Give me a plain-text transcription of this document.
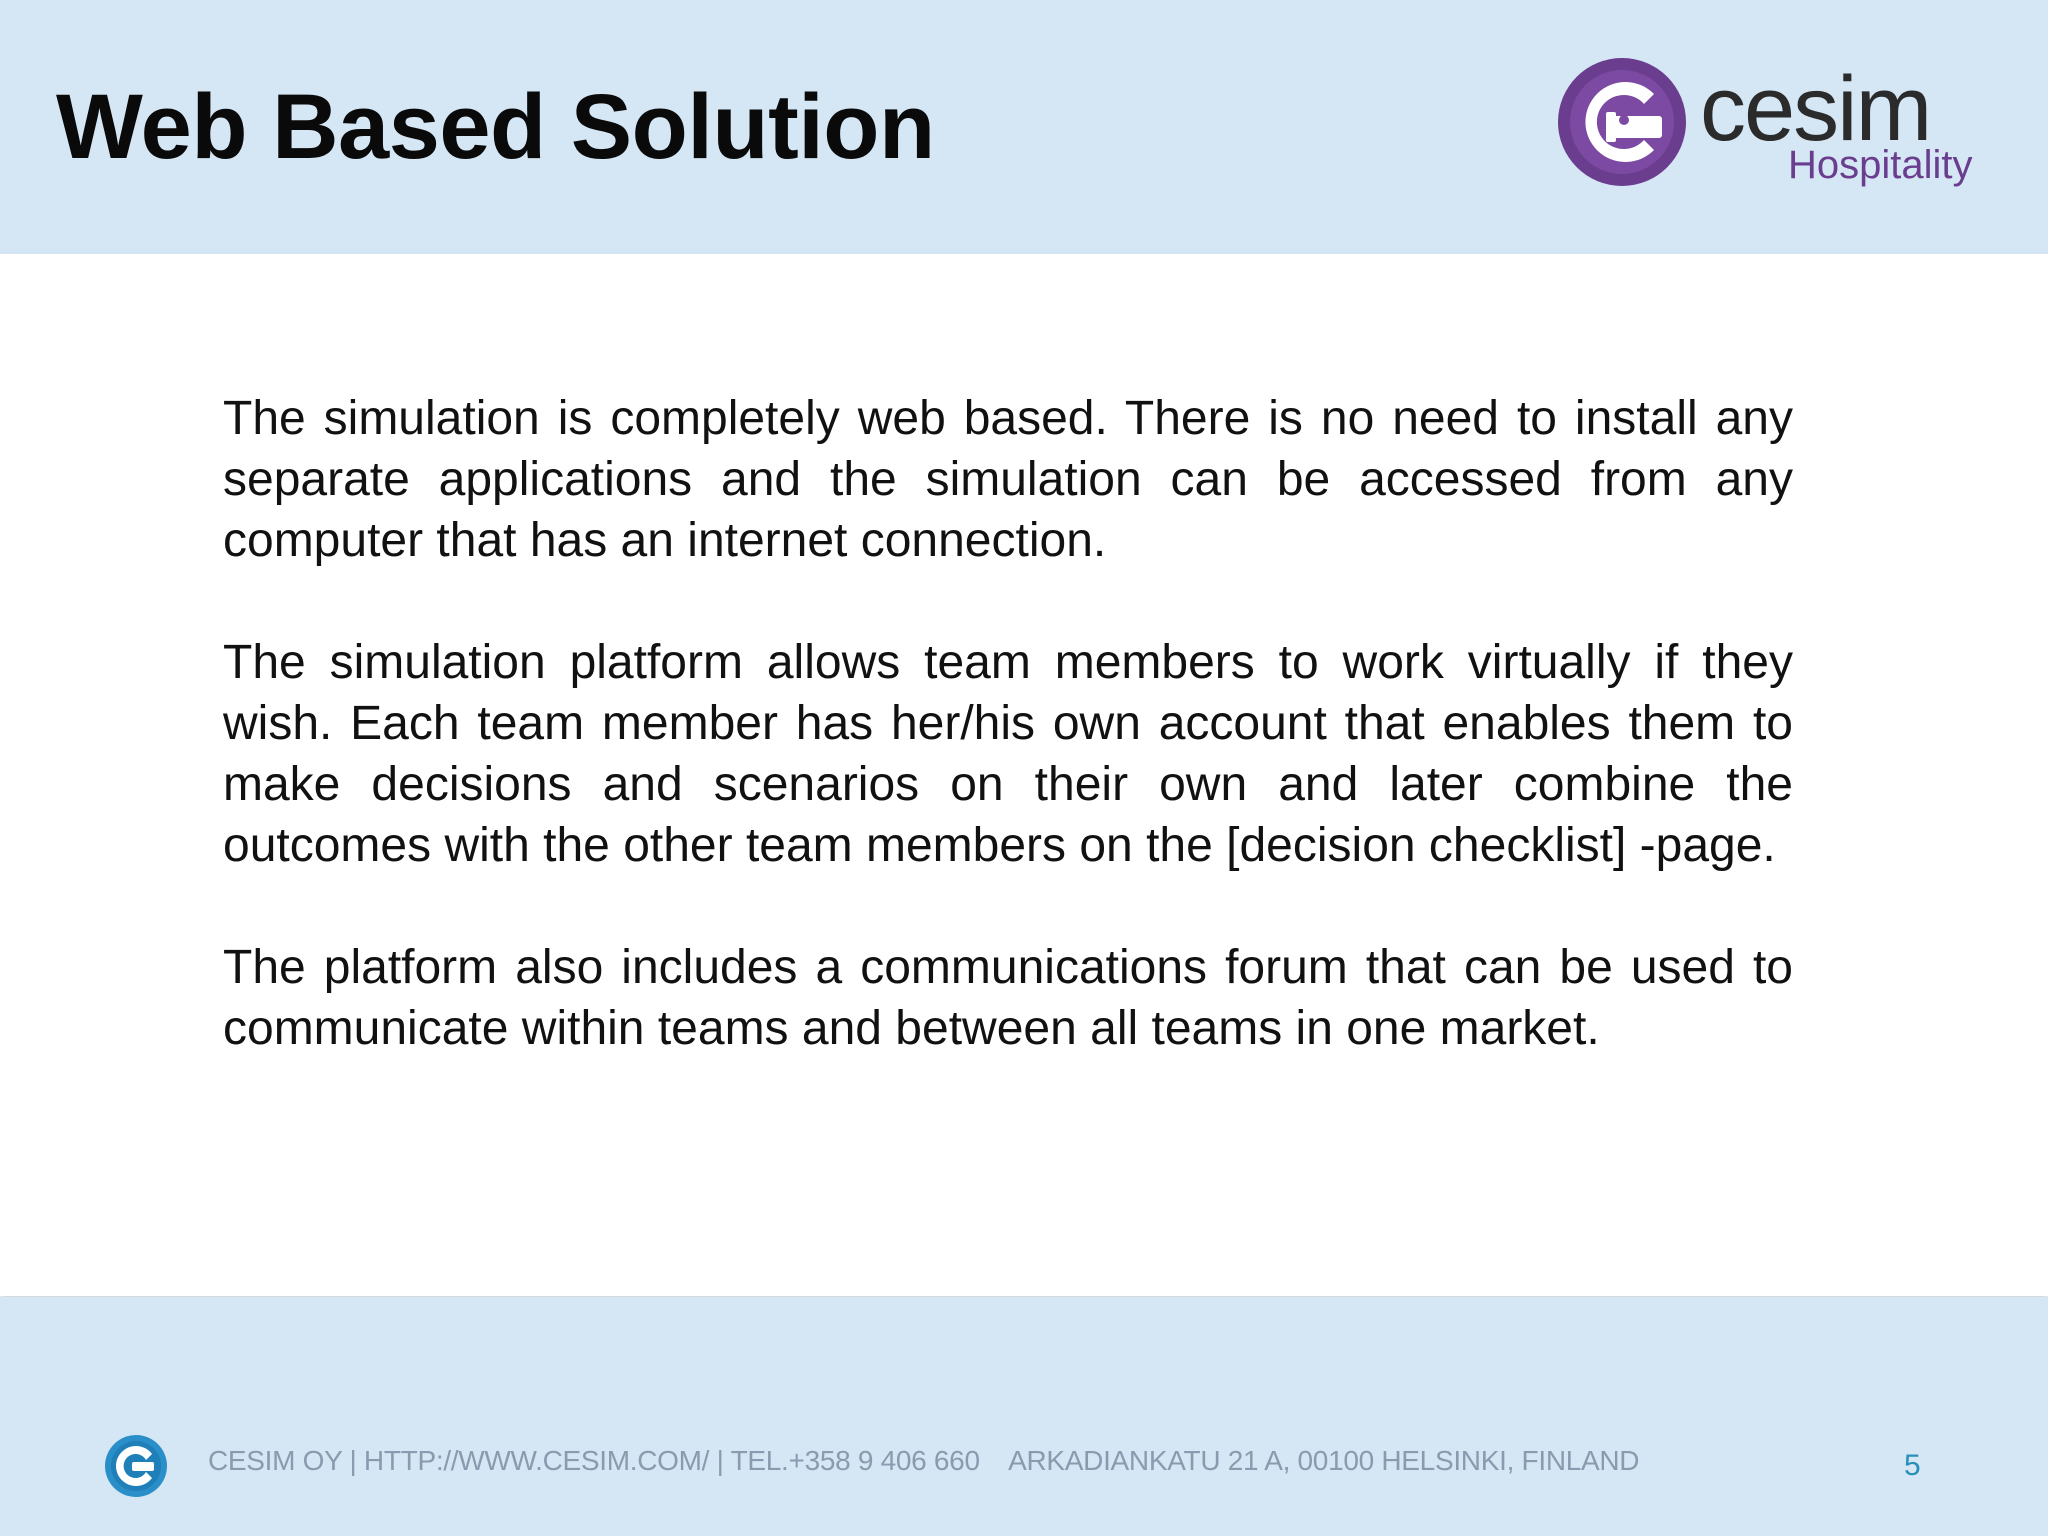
Web Based Solution	cesim
Hospitality

The simulation is completely web based. There is no need to install any separate applications and the simulation can be accessed from any computer that has an internet connection.

The simulation platform allows team members to work virtually if they wish. Each team member has her/his own account that enables them to make decisions and scenarios on their own and later combine the outcomes with the other team members on the [decision checklist] -page.

The platform also includes a communications forum that can be used to communicate within teams and between all teams in one market.

CESIM OY | HTTP://WWW.CESIM.COM/ | TEL.+358 9 406 660    ARKADIANKATU 21 A, 00100 HELSINKI, FINLAND	5
